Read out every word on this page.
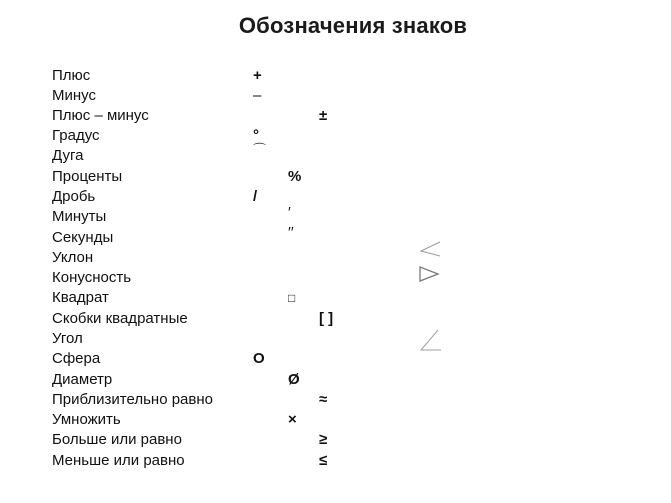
Обозначения знаков
Плюс	+
Минус	–
Плюс – минус	±
Градус	°
Дуга	⌒
Проценты	%
Дробь	/
Минуты	′
Секунды	′′
Уклон
Конусность
Квадрат	□
Скобки квадратные	[ ]
Угол
Сфера	O
Диаметр	Ø
Приблизительно равно	≈
Умножить	×
Больше или равно	≥
Меньше или равно	≤
